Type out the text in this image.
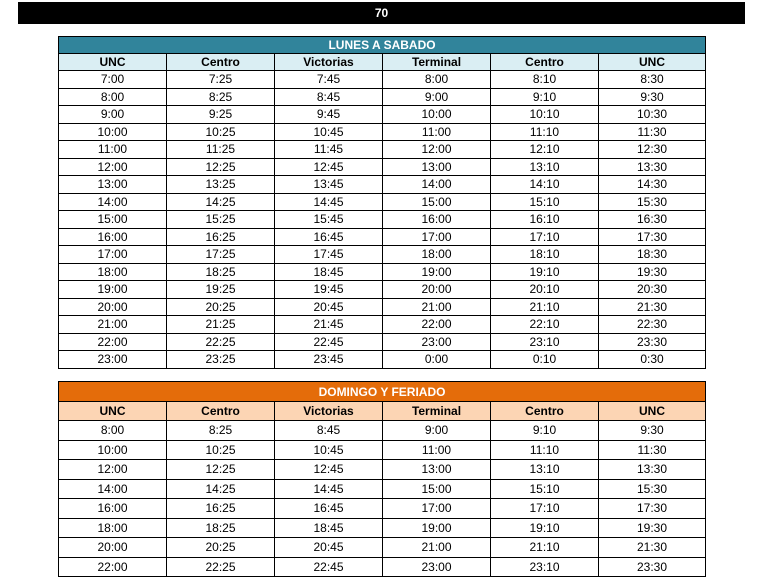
70
LUNES A SABADO					
UNC	Centro	Victorias	Terminal	Centro	UNC
7:00	7:25	7:45	8:00	8:10	8:30
8:00	8:25	8:45	9:00	9:10	9:30
9:00	9:25	9:45	10:00	10:10	10:30
10:00	10:25	10:45	11:00	11:10	11:30
11:00	11:25	11:45	12:00	12:10	12:30
12:00	12:25	12:45	13:00	13:10	13:30
13:00	13:25	13:45	14:00	14:10	14:30
14:00	14:25	14:45	15:00	15:10	15:30
15:00	15:25	15:45	16:00	16:10	16:30
16:00	16:25	16:45	17:00	17:10	17:30
17:00	17:25	17:45	18:00	18:10	18:30
18:00	18:25	18:45	19:00	19:10	19:30
19:00	19:25	19:45	20:00	20:10	20:30
20:00	20:25	20:45	21:00	21:10	21:30
21:00	21:25	21:45	22:00	22:10	22:30
22:00	22:25	22:45	23:00	23:10	23:30
23:00	23:25	23:45	0:00	0:10	0:30
DOMINGO Y FERIADO					
UNC	Centro	Victorias	Terminal	Centro	UNC
8:00	8:25	8:45	9:00	9:10	9:30
10:00	10:25	10:45	11:00	11:10	11:30
12:00	12:25	12:45	13:00	13:10	13:30
14:00	14:25	14:45	15:00	15:10	15:30
16:00	16:25	16:45	17:00	17:10	17:30
18:00	18:25	18:45	19:00	19:10	19:30
20:00	20:25	20:45	21:00	21:10	21:30
22:00	22:25	22:45	23:00	23:10	23:30
